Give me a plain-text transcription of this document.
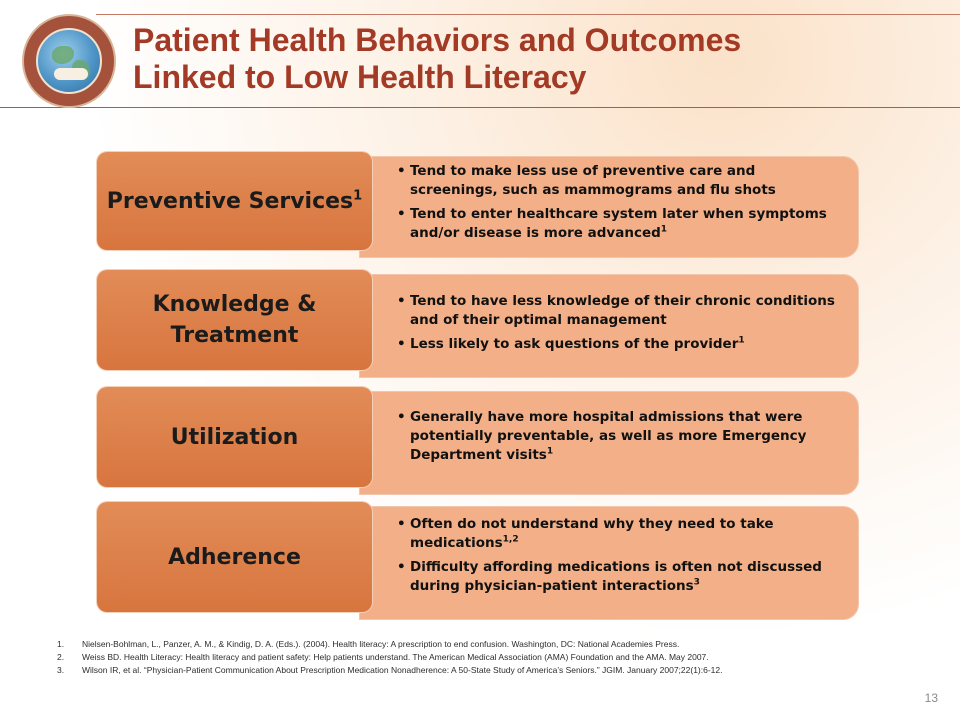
Patient Health Behaviors and Outcomes
Linked to Low Health Literacy
Preventive Services$^1$
• Tend to make less use of preventive care and screenings, such as mammograms and flu shots
• Tend to enter healthcare system later when symptoms and/or disease is more advanced$^1$
Knowledge & Treatment
• Tend to have less knowledge of their chronic conditions and of their optimal management
• Less likely to ask questions of the provider$^1$
Utilization
• Generally have more hospital admissions that were potentially preventable, as well as more Emergency Department visits$^1$
Adherence
• Often do not understand why they need to take medications$^{1,2}$
• Difficulty affording medications is often not discussed during physician-patient interactions$^3$
1. Nielsen-Bohlman, L., Panzer, A. M., & Kindig, D. A. (Eds.). (2004). Health literacy: A prescription to end confusion. Washington, DC: National Academies Press.
2. Weiss BD. Health Literacy: Health literacy and patient safety: Help patients understand. The American Medical Association (AMA) Foundation and the AMA. May 2007.
3. Wilson IR, et al. “Physician-Patient Communication About Prescription Medication Nonadherence: A 50-State Study of America’s Seniors.” JGIM. January 2007;22(1):6-12.
13
